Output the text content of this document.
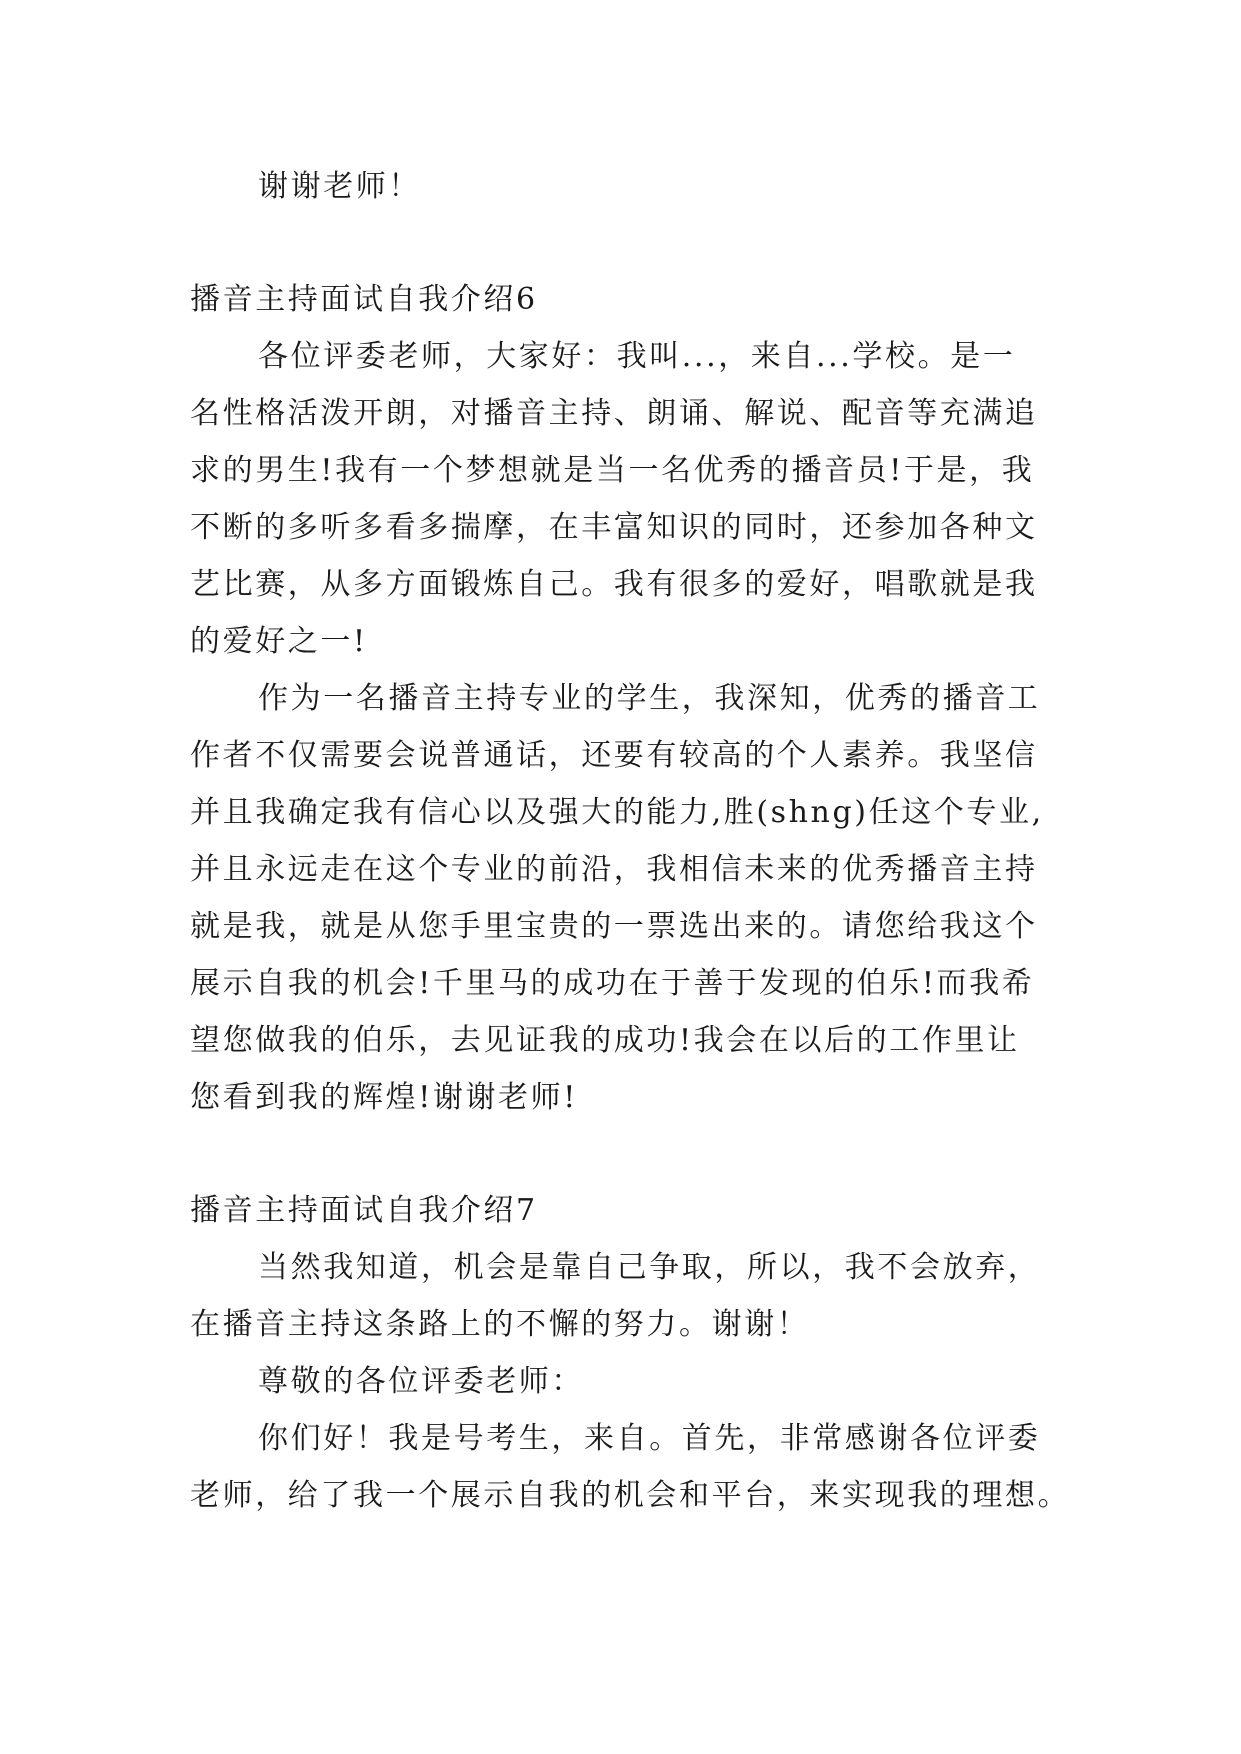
谢谢老师！
播音主持面试自我介绍6
各位评委老师，大家好：我叫...，来自...学校。是一
名性格活泼开朗，对播音主持、朗诵、解说、配音等充满追
求的男生!我有一个梦想就是当一名优秀的播音员!于是，我
不断的多听多看多揣摩，在丰富知识的同时，还参加各种文
艺比赛，从多方面锻炼自己。我有很多的爱好，唱歌就是我
的爱好之一!
作为一名播音主持专业的学生，我深知，优秀的播音工
作者不仅需要会说普通话，还要有较高的个人素养。我坚信
并且我确定我有信心以及强大的能力,胜(shng)任这个专业,
并且永远走在这个专业的前沿，我相信未来的优秀播音主持
就是我，就是从您手里宝贵的一票选出来的。请您给我这个
展示自我的机会!千里马的成功在于善于发现的伯乐!而我希
望您做我的伯乐，去见证我的成功!我会在以后的工作里让
您看到我的辉煌!谢谢老师!
播音主持面试自我介绍7
当然我知道，机会是靠自己争取，所以，我不会放弃，
在播音主持这条路上的不懈的努力。谢谢！
尊敬的各位评委老师：
你们好！我是号考生，来自。首先，非常感谢各位评委
老师，给了我一个展示自我的机会和平台，来实现我的理想。
